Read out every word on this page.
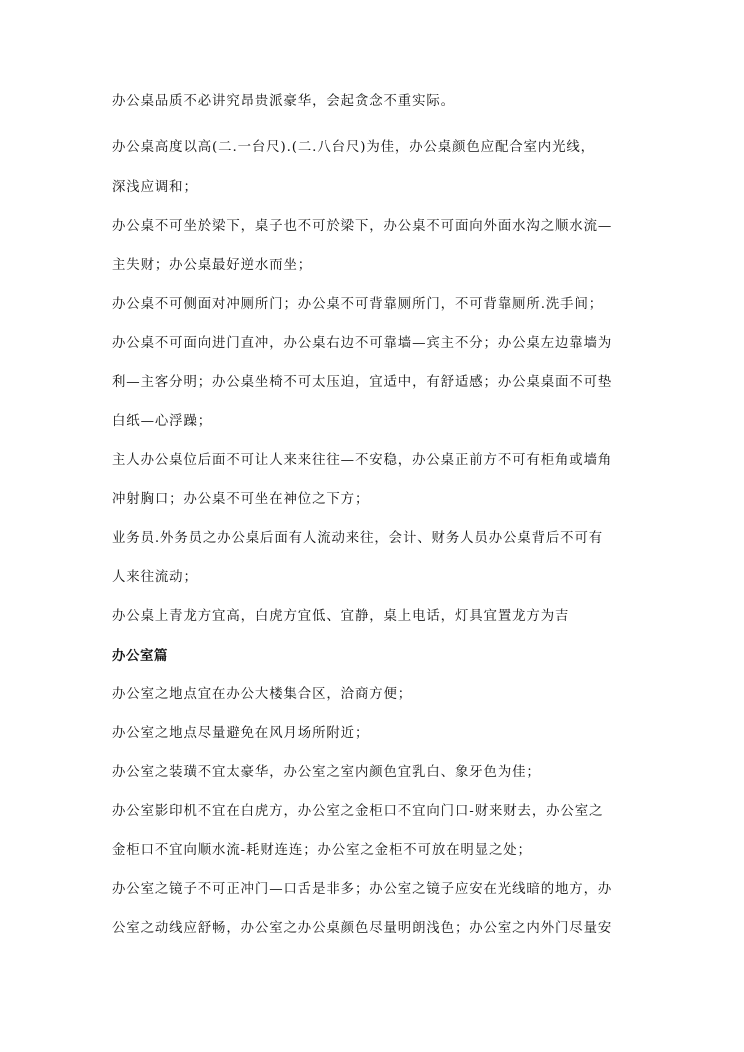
办公桌品质不必讲究昂贵派豪华，会起贪念不重实际。
办公桌高度以高(二.一台尺).(二.八台尺)为佳，办公桌颜色应配合室内光线，
深浅应调和；
办公桌不可坐於梁下，桌子也不可於梁下，办公桌不可面向外面水沟之顺水流—
主失财；办公桌最好逆水而坐；
办公桌不可侧面对冲厕所门；办公桌不可背靠厕所门，不可背靠厕所.洗手间；
办公桌不可面向进门直冲，办公桌右边不可靠墙—宾主不分；办公桌左边靠墙为
利—主客分明；办公桌坐椅不可太压迫，宜适中，有舒适感；办公桌桌面不可垫
白纸—心浮躁；
主人办公桌位后面不可让人来来往往—不安稳，办公桌正前方不可有柜角或墙角
冲射胸口；办公桌不可坐在神位之下方；
业务员.外务员之办公桌后面有人流动来往，会计、财务人员办公桌背后不可有
人来往流动；
办公桌上青龙方宜高，白虎方宜低、宜静，桌上电话，灯具宜置龙方为吉
办公室篇
办公室之地点宜在办公大楼集合区，洽商方便；
办公室之地点尽量避免在风月场所附近；
办公室之装璜不宜太豪华，办公室之室内颜色宜乳白、象牙色为佳；
办公室影印机不宜在白虎方，办公室之金柜口不宜向门口-财来财去，办公室之
金柜口不宜向顺水流-耗财连连；办公室之金柜不可放在明显之处；
办公室之镜子不可正冲门—口舌是非多；办公室之镜子应安在光线暗的地方，办
公室之动线应舒畅，办公室之办公桌颜色尽量明朗浅色；办公室之内外门尽量安
